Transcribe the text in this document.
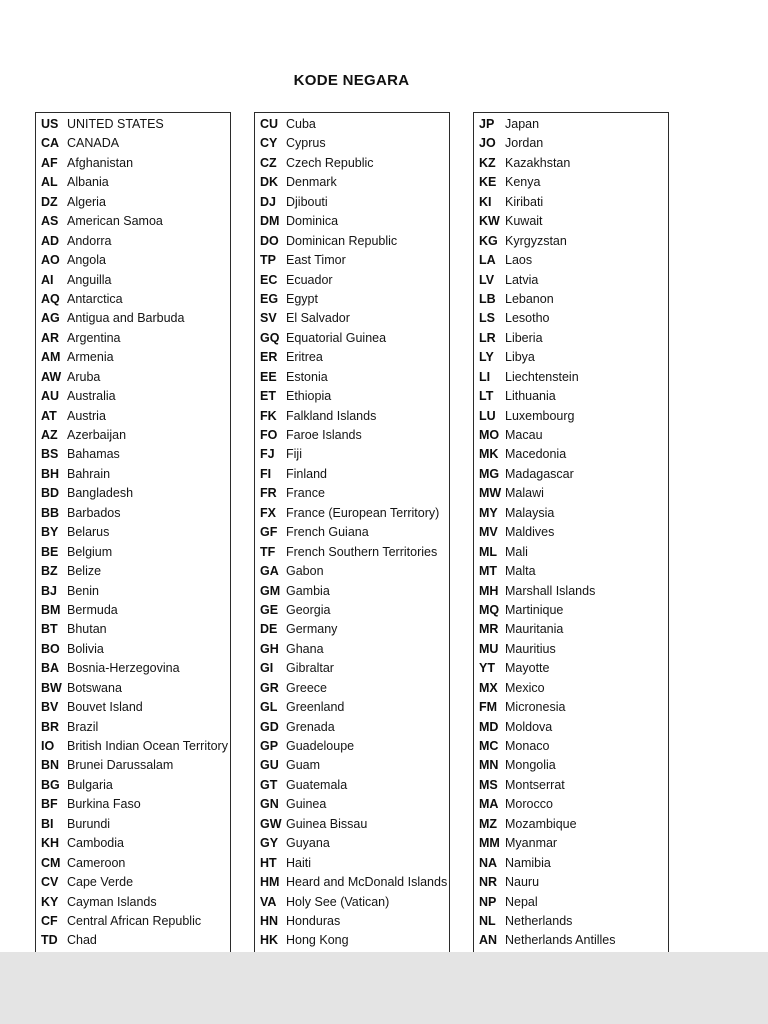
KODE NEGARA
US UNITED STATES
CA CANADA
AF Afghanistan
AL Albania
DZ Algeria
AS American Samoa
AD Andorra
AO Angola
AI Anguilla
AQ Antarctica
AG Antigua and Barbuda
AR Argentina
AM Armenia
AW Aruba
AU Australia
AT Austria
AZ Azerbaijan
BS Bahamas
BH Bahrain
BD Bangladesh
BB Barbados
BY Belarus
BE Belgium
BZ Belize
BJ Benin
BM Bermuda
BT Bhutan
BO Bolivia
BA Bosnia-Herzegovina
BW Botswana
BV Bouvet Island
BR Brazil
IO British Indian Ocean Territory
BN Brunei Darussalam
BG Bulgaria
BF Burkina Faso
BI Burundi
KH Cambodia
CM Cameroon
CV Cape Verde
KY Cayman Islands
CF Central African Republic
TD Chad
CU Cuba
CY Cyprus
CZ Czech Republic
DK Denmark
DJ Djibouti
DM Dominica
DO Dominican Republic
TP East Timor
EC Ecuador
EG Egypt
SV El Salvador
GQ Equatorial Guinea
ER Eritrea
EE Estonia
ET Ethiopia
FK Falkland Islands
FO Faroe Islands
FJ Fiji
FI Finland
FR France
FX France (European Territory)
GF French Guiana
TF French Southern Territories
GA Gabon
GM Gambia
GE Georgia
DE Germany
GH Ghana
GI Gibraltar
GR Greece
GL Greenland
GD Grenada
GP Guadeloupe
GU Guam
GT Guatemala
GN Guinea
GW Guinea Bissau
GY Guyana
HT Haiti
HM Heard and McDonald Islands
VA Holy See (Vatican)
HN Honduras
HK Hong Kong
JP Japan
JO Jordan
KZ Kazakhstan
KE Kenya
KI Kiribati
KW Kuwait
KG Kyrgyzstan
LA Laos
LV Latvia
LB Lebanon
LS Lesotho
LR Liberia
LY Libya
LI Liechtenstein
LT Lithuania
LU Luxembourg
MO Macau
MK Macedonia
MG Madagascar
MW Malawi
MY Malaysia
MV Maldives
ML Mali
MT Malta
MH Marshall Islands
MQ Martinique
MR Mauritania
MU Mauritius
YT Mayotte
MX Mexico
FM Micronesia
MD Moldova
MC Monaco
MN Mongolia
MS Montserrat
MA Morocco
MZ Mozambique
MM Myanmar
NA Namibia
NR Nauru
NP Nepal
NL Netherlands
AN Netherlands Antilles
